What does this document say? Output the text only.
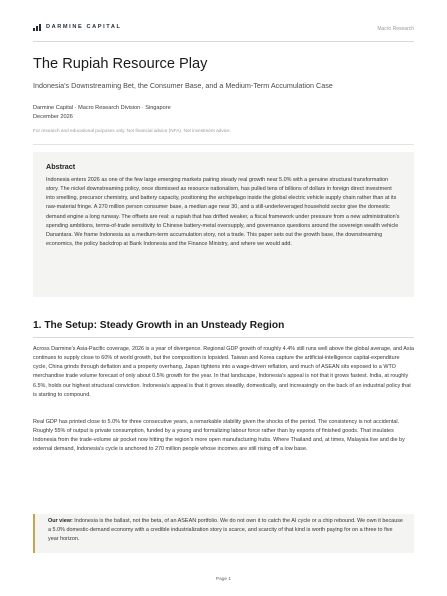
DARMINE CAPITAL	Macro Research
The Rupiah Resource Play
Indonesia's Downstreaming Bet, the Consumer Base, and a Medium-Term Accumulation Case
Darmine Capital · Macro Research Division · Singapore
December 2026
For research and educational purposes only. Not financial advice (NFA). Not investment advice.
Abstract

Indonesia enters 2026 as one of the few large emerging markets pairing steady real growth near 5.0% with a genuine structural transformation story. The nickel downstreaming policy, once dismissed as resource nationalism, has pulled tens of billions of dollars in foreign direct investment into smelting, precursor chemistry, and battery capacity, positioning the archipelago inside the global electric vehicle supply chain rather than at its raw-material fringe. A 270 million person consumer base, a median age near 30, and a still-underleveraged household sector give the domestic demand engine a long runway. The offsets are real: a rupiah that has drifted weaker, a fiscal framework under pressure from a new administration's spending ambitions, terms-of-trade sensitivity to Chinese battery-metal oversupply, and governance questions around the sovereign wealth vehicle Danantara. We frame Indonesia as a medium-term accumulation story, not a trade. This paper sets out the growth base, the downstreaming economics, the policy backdrop at Bank Indonesia and the Finance Ministry, and where we would add.

1. The Setup: Steady Growth in an Unsteady Region

Across Darmine's Asia-Pacific coverage, 2026 is a year of divergence. Regional GDP growth of roughly 4.4% still runs well above the global average, and Asia continues to supply close to 60% of world growth, but the composition is lopsided. Taiwan and Korea capture the artificial-intelligence capital-expenditure cycle, China grinds through deflation and a property overhang, Japan tightens into a wage-driven reflation, and much of ASEAN sits exposed to a WTO merchandise trade volume forecast of only about 0.5% growth for the year. In that landscape, Indonesia's appeal is not that it grows fastest. India, at roughly 6.5%, holds our highest structural conviction. Indonesia's appeal is that it grows steadily, domestically, and increasingly on the back of an industrial policy that is starting to compound.

Real GDP has printed close to 5.0% for three consecutive years, a remarkable stability given the shocks of the period. The consistency is not accidental. Roughly 55% of output is private consumption, funded by a young and formalizing labour force rather than by exports of finished goods. That insulates Indonesia from the trade-volume air pocket now hitting the region's more open manufacturing hubs. Where Thailand and, at times, Malaysia live and die by external demand, Indonesia's cycle is anchored to 270 million people whose incomes are still rising off a low base.

Our view: Indonesia is the ballast, not the beta, of an ASEAN portfolio. We do not own it to catch the AI cycle or a chip rebound. We own it because a 5.0% domestic-demand economy with a credible industrialization story is scarce, and scarcity of that kind is worth paying for on a three to five year horizon.
Page 1
